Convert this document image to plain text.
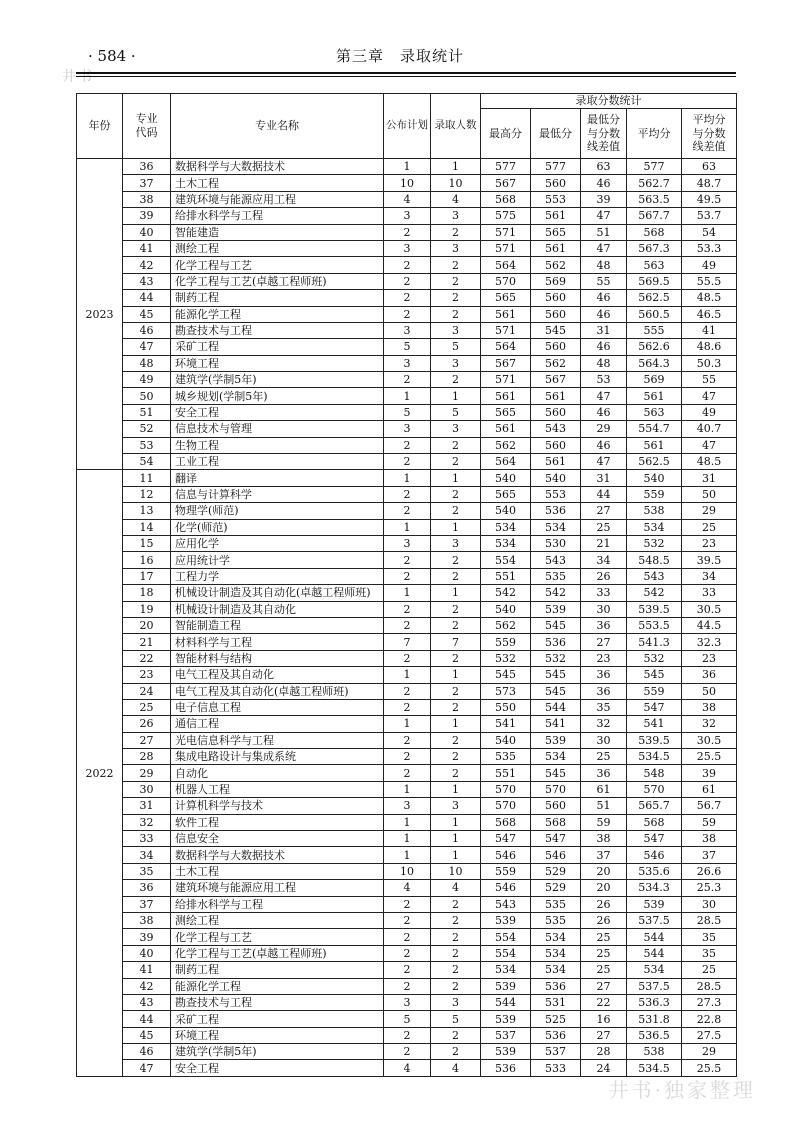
· 584 ·
井书
第三章　录取统计
年份	专业代码	专业名称	公布计划	录取人数	录取分数统计				
					最高分	最低分	最低分与分数线差值	平均分	平均分与分数线差值
2023	36	数据科学与大数据技术	1	1	577	577	63	577	63
	37	土木工程	10	10	567	560	46	562.7	48.7
	38	建筑环境与能源应用工程	4	4	568	553	39	563.5	49.5
	39	给排水科学与工程	3	3	575	561	47	567.7	53.7
	40	智能建造	2	2	571	565	51	568	54
	41	测绘工程	3	3	571	561	47	567.3	53.3
	42	化学工程与工艺	2	2	564	562	48	563	49
	43	化学工程与工艺(卓越工程师班)	2	2	570	569	55	569.5	55.5
	44	制药工程	2	2	565	560	46	562.5	48.5
	45	能源化学工程	2	2	561	560	46	560.5	46.5
	46	勘查技术与工程	3	3	571	545	31	555	41
	47	采矿工程	5	5	564	560	46	562.6	48.6
	48	环境工程	3	3	567	562	48	564.3	50.3
	49	建筑学(学制5年)	2	2	571	567	53	569	55
	50	城乡规划(学制5年)	1	1	561	561	47	561	47
	51	安全工程	5	5	565	560	46	563	49
	52	信息技术与管理	3	3	561	543	29	554.7	40.7
	53	生物工程	2	2	562	560	46	561	47
	54	工业工程	2	2	564	561	47	562.5	48.5
2022	11	翻译	1	1	540	540	31	540	31
	12	信息与计算科学	2	2	565	553	44	559	50
	13	物理学(师范)	2	2	540	536	27	538	29
	14	化学(师范)	1	1	534	534	25	534	25
	15	应用化学	3	3	534	530	21	532	23
	16	应用统计学	2	2	554	543	34	548.5	39.5
	17	工程力学	2	2	551	535	26	543	34
	18	机械设计制造及其自动化(卓越工程师班)	1	1	542	542	33	542	33
	19	机械设计制造及其自动化	2	2	540	539	30	539.5	30.5
	20	智能制造工程	2	2	562	545	36	553.5	44.5
	21	材料科学与工程	7	7	559	536	27	541.3	32.3
	22	智能材料与结构	2	2	532	532	23	532	23
	23	电气工程及其自动化	1	1	545	545	36	545	36
	24	电气工程及其自动化(卓越工程师班)	2	2	573	545	36	559	50
	25	电子信息工程	2	2	550	544	35	547	38
	26	通信工程	1	1	541	541	32	541	32
	27	光电信息科学与工程	2	2	540	539	30	539.5	30.5
	28	集成电路设计与集成系统	2	2	535	534	25	534.5	25.5
	29	自动化	2	2	551	545	36	548	39
	30	机器人工程	1	1	570	570	61	570	61
	31	计算机科学与技术	3	3	570	560	51	565.7	56.7
	32	软件工程	1	1	568	568	59	568	59
	33	信息安全	1	1	547	547	38	547	38
	34	数据科学与大数据技术	1	1	546	546	37	546	37
	35	土木工程	10	10	559	529	20	535.6	26.6
	36	建筑环境与能源应用工程	4	4	546	529	20	534.3	25.3
	37	给排水科学与工程	2	2	543	535	26	539	30
	38	测绘工程	2	2	539	535	26	537.5	28.5
	39	化学工程与工艺	2	2	554	534	25	544	35
	40	化学工程与工艺(卓越工程师班)	2	2	554	534	25	544	35
	41	制药工程	2	2	534	534	25	534	25
	42	能源化学工程	2	2	539	536	27	537.5	28.5
	43	勘查技术与工程	3	3	544	531	22	536.3	27.3
	44	采矿工程	5	5	539	525	16	531.8	22.8
	45	环境工程	2	2	537	536	27	536.5	27.5
	46	建筑学(学制5年)	2	2	539	537	28	538	29
	47	安全工程	4	4	536	533	24	534.5	25.5
井书·独家整理
